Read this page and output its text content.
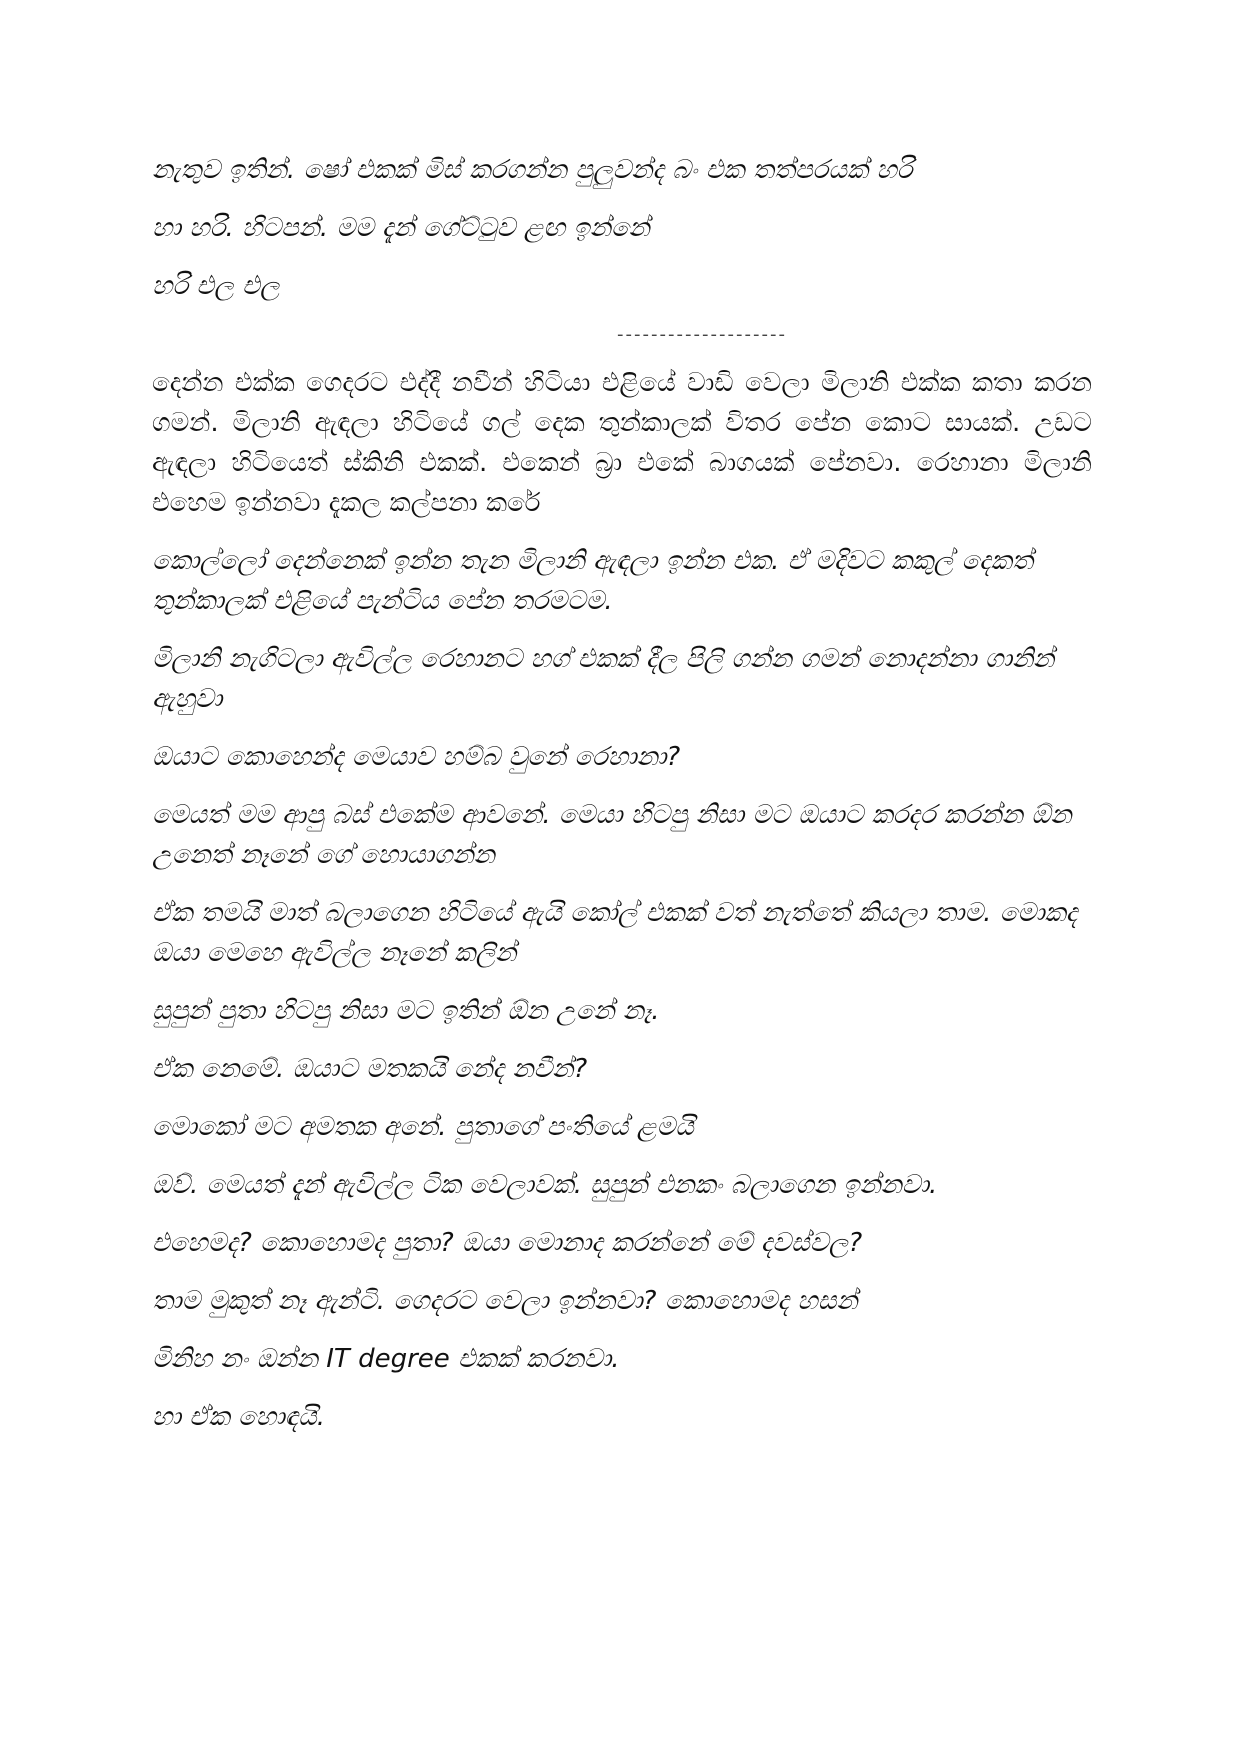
නැතුව ඉතින්. ෂෝ එකක් මිස් කරගන්න පුලුවන්ද බං එක තත්පරයක් හරි

හා හරි. හිටපන්. මම දැන් ගේට්ටුව ළඟ ඉන්නේ

හරි එල එල

--------------------

දෙන්න එක්ක ගෙදරට එද්දී නවීන් හිටියා එළියේ වාඩි වෙලා මිලානි එක්ක කතා කරන ගමන්. මිලානි ඇඳලා හිටියේ ගල් දෙක තුන්කාලක් විතර පේන කොට සායක්. උඩට ඇඳලා හිටියෙත් ස්කිනි එකක්. එකෙන් බ්‍රා එකේ බාගයක් පේනවා. රෙහානා මිලානි එහෙම ඉන්නවා දැකල කල්පනා කරේ

කොල්ලෝ දෙන්නෙක් ඉන්න තැන මිලානි ඇඳලා ඉන්න එක. ඒ මදිවට කකුල් දෙකත් තුන්කාලක් එළියේ පැන්ටිය පේන තරමටම.

මිලානි නැගිටලා ඇවිල්ල රෙහානට හග් එකක් දීල පිලි ගන්න ගමන් නොදන්නා ගානින් ඇහුවා

ඔයාට කොහෙන්ද මෙයාව හම්බ වුනේ රෙහානා?

මෙයත් මම ආපු බස් එකේම ආවනේ. මෙයා හිටපු නිසා මට ඔයාට කරදර කරන්න ඕන උනෙත් නෑනේ ගේ හොයාගන්න

ඒක තමයි මාත් බලාගෙන හිටියේ ඇයි කෝල් එකක් වත් නැත්තේ කියලා තාම. මොකද ඔයා මෙහෙ ඇවිල්ල නෑනේ කලින්

සුපුන් පුතා හිටපු නිසා මට ඉතින් ඕන උනේ නෑ.

ඒක නෙමේ. ඔයාට මතකයි නේද නවීන්?

මොකෝ මට අමතක අනේ. පුතාගේ පංතියේ ළමයි

ඔව්. මෙයත් දැන් ඇවිල්ල ටික වෙලාවක්. සුපුන් එනකං බලාගෙන ඉන්නවා.

එහෙමද? කොහොමද පුතා? ඔයා මොනාද කරන්නේ මේ දවස්වල?

තාම මුකුත් නෑ ඇන්ටි. ගෙදරට වෙලා ඉන්නවා? කොහොමද හසන්

මිනිහ නං ඔන්න IT degree එකක් කරනවා.

හා ඒක හොඳයි.
